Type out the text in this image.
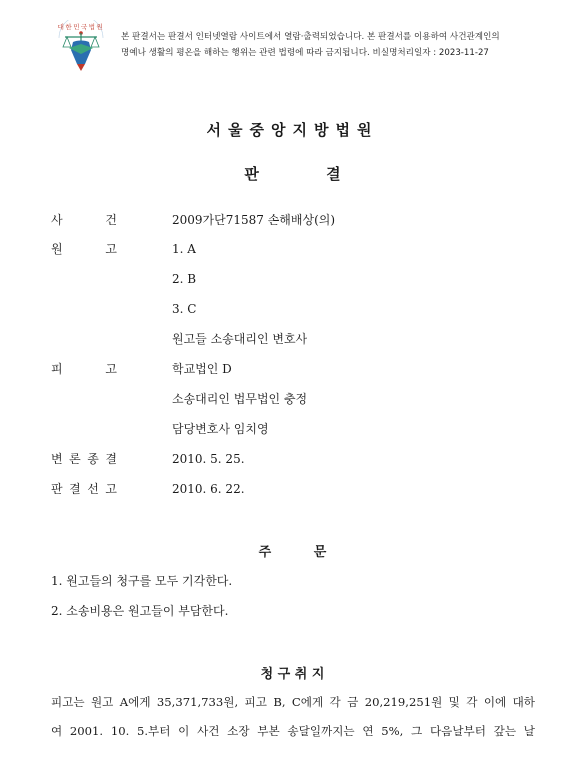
대한민국법원
본 판결서는 판결서 인터넷열람 사이트에서 열람·출력되었습니다. 본 판결서를 이용하여 사건관계인의
명예나 생활의 평온을 해하는 행위는 관련 법령에 따라 금지됩니다. 비실명처리일자 : 2023-11-27
서울중앙지방법원
판 결
사	건	2009가단71587 손해배상(의)
원	고	1. A
2. B
3. C
원고들 소송대리인 변호사
피	고	학교법인 D
소송대리인 법무법인 충정
담당변호사 임치영
변 론 종 결	2010. 5. 25.
판 결 선 고	2010. 6. 22.
주 문
1. 원고들의 청구를 모두 기각한다.
2. 소송비용은 원고들이 부담한다.
청 구 취 지
피고는 원고 A에게 35,371,733원, 피고 B, C에게 각 금 20,219,251원 및 각 이에 대하
여 2001. 10. 5.부터 이 사건 소장 부본 송달일까지는 연 5%, 그 다음날부터 갚는 날
